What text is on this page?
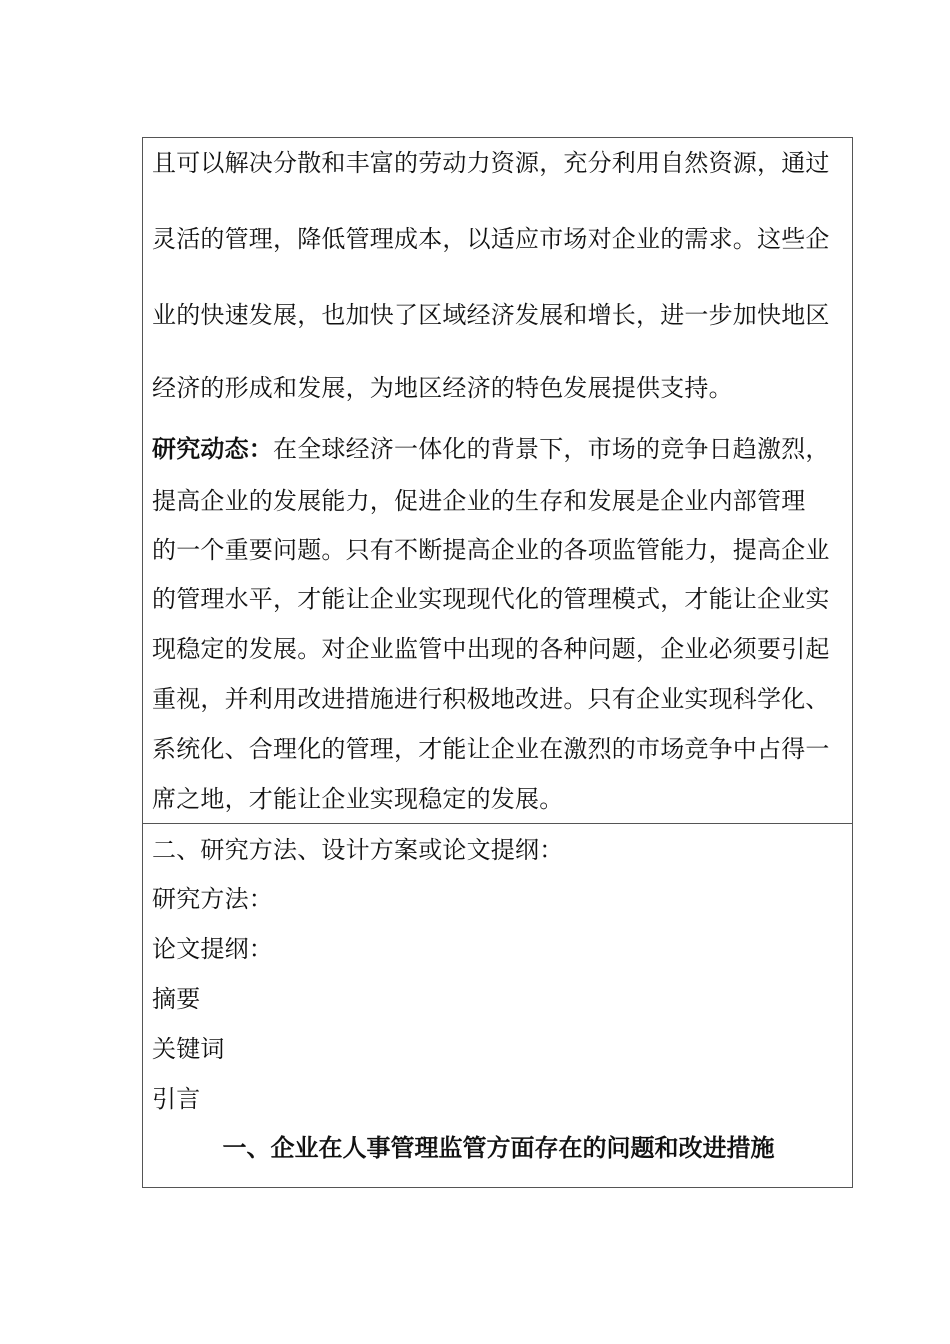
且可以解决分散和丰富的劳动力资源，充分利用自然资源，通过
灵活的管理，降低管理成本，以适应市场对企业的需求。这些企
业的快速发展，也加快了区域经济发展和增长，进一步加快地区
经济的形成和发展，为地区经济的特色发展提供支持。
研究动态：在全球经济一体化的背景下，市场的竞争日趋激烈，
提高企业的发展能力，促进企业的生存和发展是企业内部管理
的一个重要问题。只有不断提高企业的各项监管能力，提高企业
的管理水平，才能让企业实现现代化的管理模式，才能让企业实
现稳定的发展。对企业监管中出现的各种问题，企业必须要引起
重视，并利用改进措施进行积极地改进。只有企业实现科学化、
系统化、合理化的管理，才能让企业在激烈的市场竞争中占得一
席之地，才能让企业实现稳定的发展。
二、研究方法、设计方案或论文提纲：
研究方法：
论文提纲：
摘要
关键词
引言
一、企业在人事管理监管方面存在的问题和改进措施
